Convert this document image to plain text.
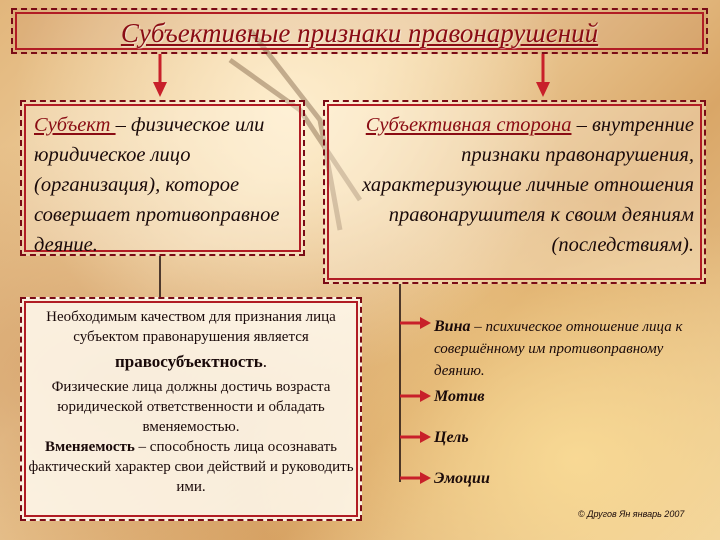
Субъективные признаки правонарушений
Субъект – физическое или юридическое лицо (организация), которое совершает противоправное деяние.
Субъективная сторона – внутренние признаки правонарушения, характеризующие личные отношения правонарушителя к своим деяниям (последствиям).
Необходимым качеством для признания лица субъектом правонарушения является
правосубъектность.
Физические лица должны достичь возраста юридической ответственности и обладать вменяемостью.
Вменяемость – способность лица осознавать фактический характер свои действий и руководить ими.
Вина – психическое отношение лица к совершённому им противоправному деянию.
Мотив
Цель
Эмоции
© Другов Ян январь 2007
